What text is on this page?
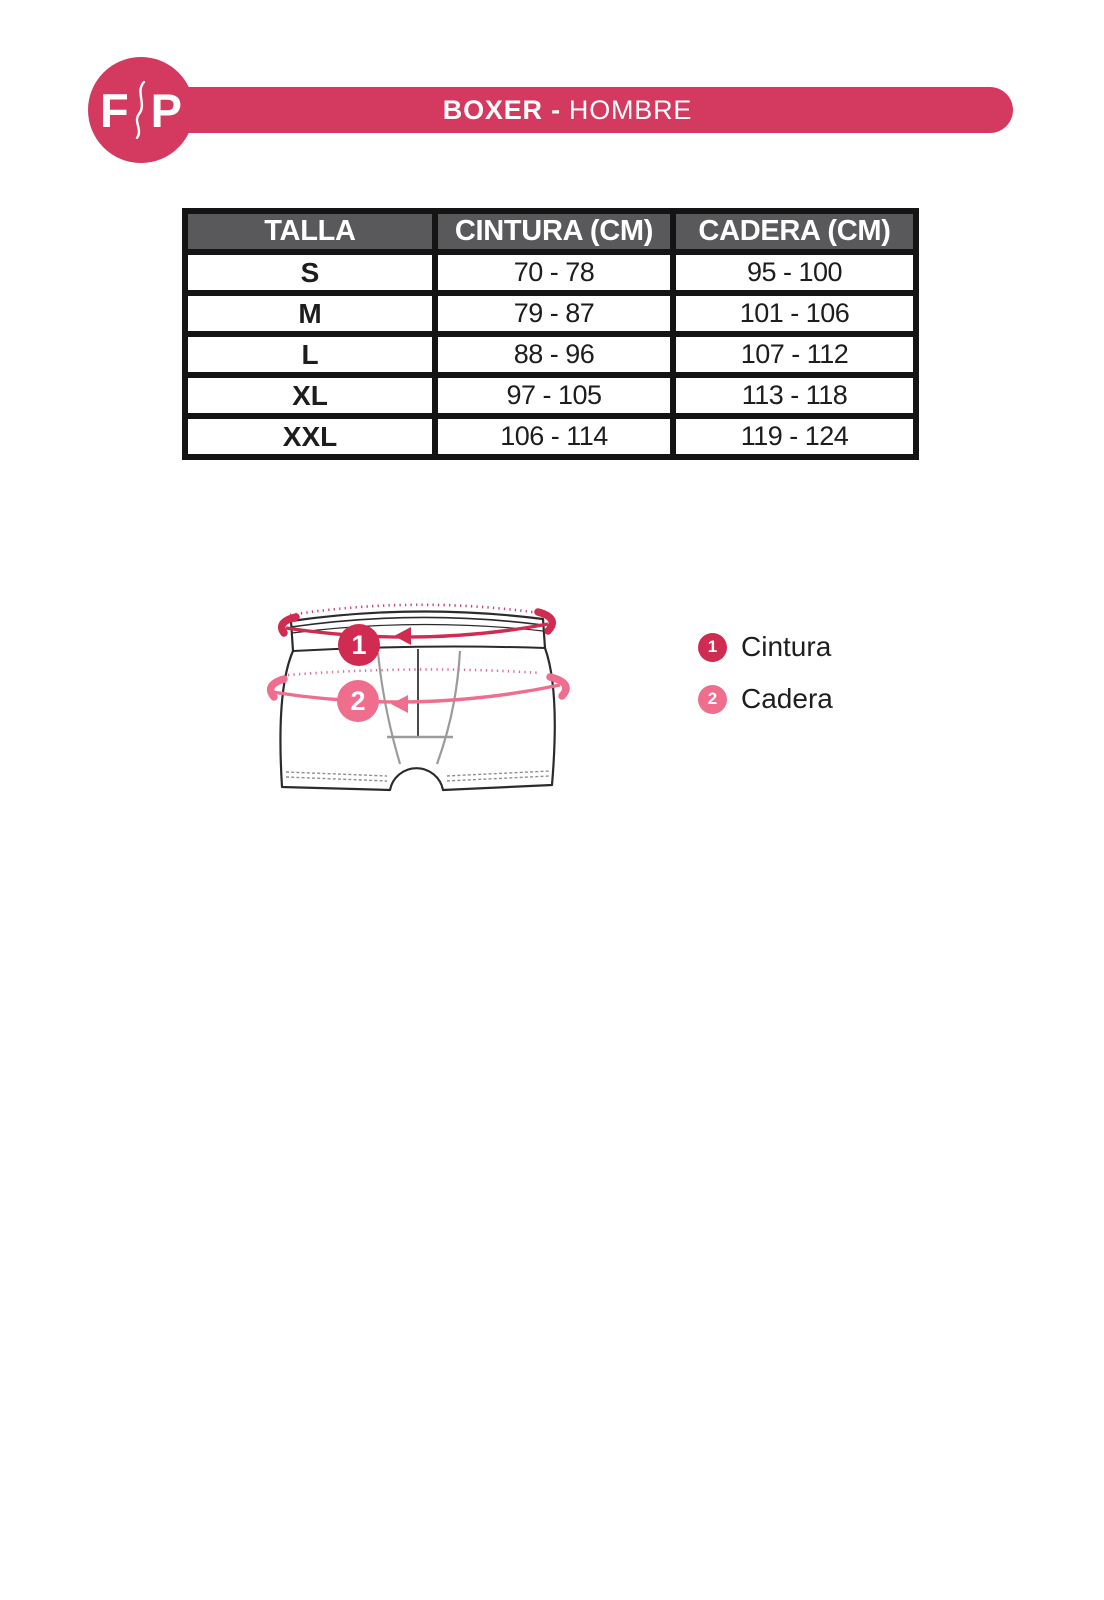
BOXER - HOMBRE
F P
TALLA	CINTURA (CM)	CADERA (CM)
S	70 - 78	95 - 100
M	79 - 87	101 - 106
L	88 - 96	107 - 112
XL	97 - 105	113 - 118
XXL	106 - 114	119 - 124
1
2
1 Cintura
2 Cadera
